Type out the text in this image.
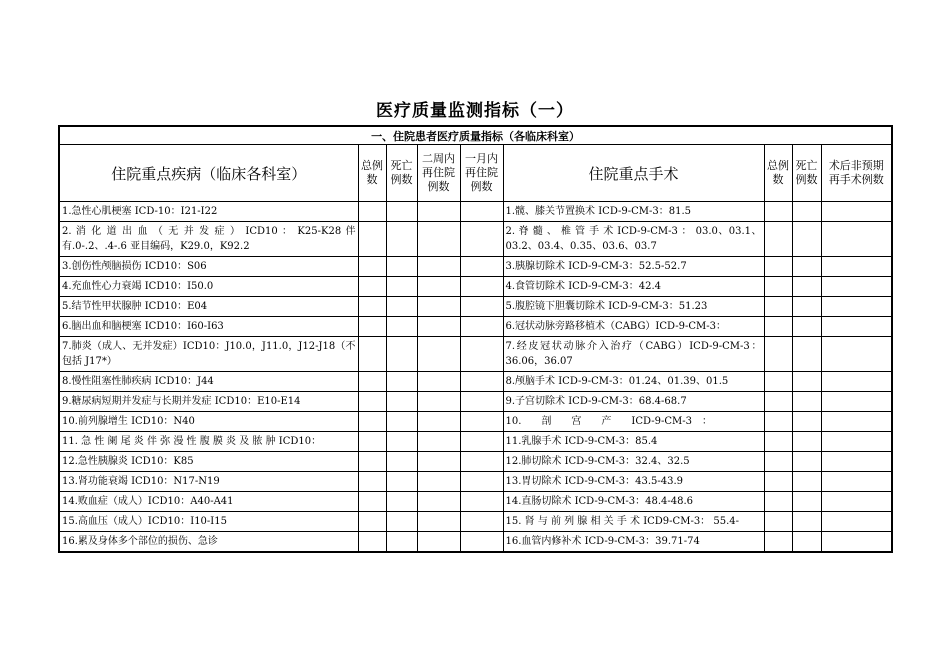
医疗质量监测指标（一）
一、住院患者医疗质量指标（各临床科室）								
住院重点疾病（临床各科室）	总例数	死亡例数	二周内再住院例数	一月内再住院例数	住院重点手术	总例数	死亡例数	术后非预期再手术例数
1.急性心肌梗塞 ICD-10：I21-I22					1.髋、膝关节置换术 ICD-9-CM-3：81.5			
2. 消 化 道 出 血 （ 无 并 发 症 ） ICD10 ： K25-K28 伴有.0-.2、.4-.6 亚目编码，K29.0，K92.2					2. 脊 髓 、 椎 管 手 术 ICD-9-CM-3 ： 03.0、03.1、03.2、03.4、0.35、03.6、03.7			
3.创伤性颅脑损伤 ICD10：S06					3.胰腺切除术 ICD-9-CM-3：52.5-52.7			
4.充血性心力衰竭 ICD10：I50.0					4.食管切除术 ICD-9-CM-3：42.4			
5.结节性甲状腺肿 ICD10：E04					5.腹腔镜下胆囊切除术 ICD-9-CM-3：51.23			
6.脑出血和脑梗塞 ICD10：I60-I63					6.冠状动脉旁路移植术（CABG）ICD-9-CM-3：			
7.肺炎（成人、无并发症）ICD10：J10.0，J11.0，J12-J18（不包括 J17*）					7.经皮冠状动脉介入治疗（CABG）ICD-9-CM-3：36.06，36.07			
8.慢性阻塞性肺疾病 ICD10：J44					8.颅脑手术 ICD-9-CM-3：01.24、01.39、01.5			
9.糖尿病短期并发症与长期并发症 ICD10：E10-E14					9.子宫切除术 ICD-9-CM-3：68.4-68.7			
10.前列腺增生 ICD10：N40					10.　　剖　　宫　　产　　ICD-9-CM-3　：			
11. 急 性 阑 尾 炎 伴 弥 漫 性 腹 膜 炎 及 脓 肿 ICD10：					11.乳腺手术 ICD-9-CM-3：85.4			
12.急性胰腺炎 ICD10：K85					12.肺切除术 ICD-9-CM-3：32.4、32.5			
13.肾功能衰竭 ICD10：N17-N19					13.胃切除术 ICD-9-CM-3：43.5-43.9			
14.败血症（成人）ICD10：A40-A41					14.直肠切除术 ICD-9-CM-3：48.4-48.6			
15.高血压（成人）ICD10：I10-I15					15. 肾 与 前 列 腺 相 关 手 术 ICD9-CM-3： 55.4-			
16.累及身体多个部位的损伤、急诊					16.血管内修补术 ICD-9-CM-3：39.71-74			
